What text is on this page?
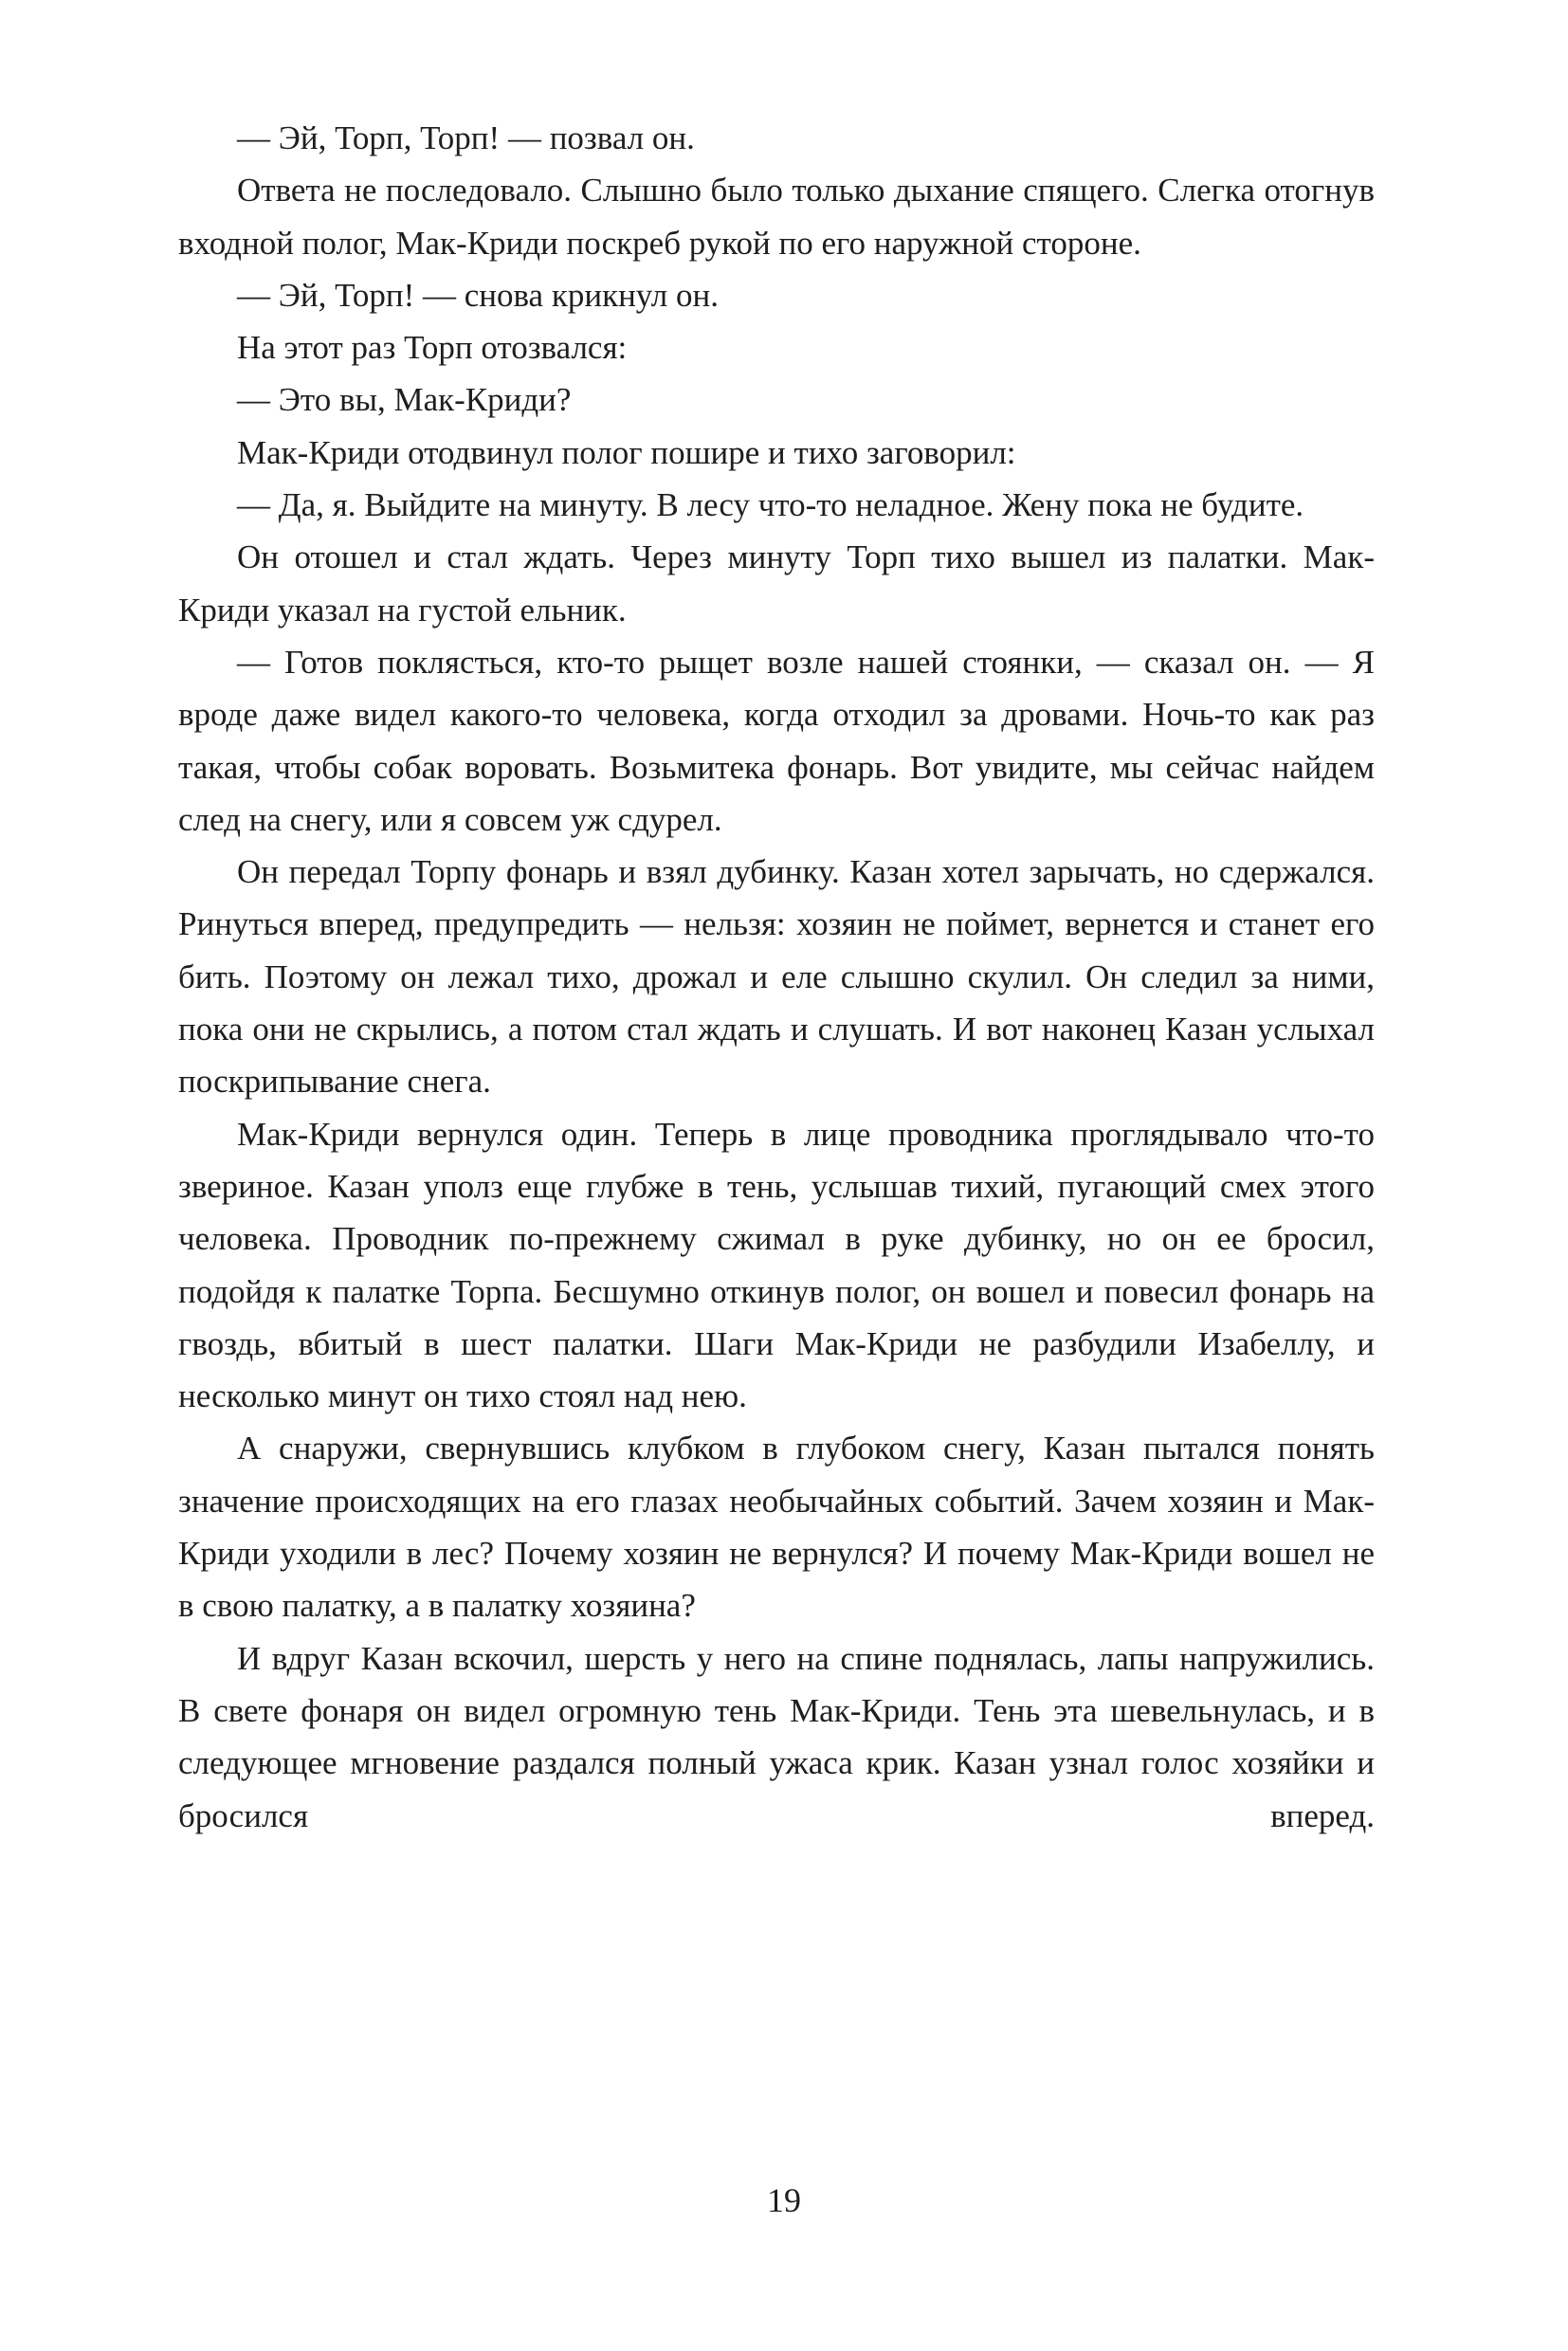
— Эй, Торп, Торп! — позвал он.

Ответа не последовало. Слышно было только дыхание спящего. Слегка отогнув входной полог, Мак-Криди поскреб рукой по его наружной стороне.

— Эй, Торп! — снова крикнул он.

На этот раз Торп отозвался:

— Это вы, Мак-Криди?

Мак-Криди отодвинул полог пошире и тихо заговорил:

— Да, я. Выйдите на минуту. В лесу что-то неладное. Жену пока не будите.

Он отошел и стал ждать. Через минуту Торп тихо вышел из палатки. Мак-Криди указал на густой ельник.

— Готов поклясться, кто-то рыщет возле нашей стоянки, — сказал он. — Я вроде даже видел какого-то человека, когда отходил за дровами. Ночь-то как раз такая, чтобы собак воровать. Возьмитека фонарь. Вот увидите, мы сейчас найдем след на снегу, или я совсем уж сдурел.

Он передал Торпу фонарь и взял дубинку. Казан хотел зарычать, но сдержался. Ринуться вперед, предупредить — нельзя: хозяин не поймет, вернется и станет его бить. Поэтому он лежал тихо, дрожал и еле слышно скулил. Он следил за ними, пока они не скрылись, а потом стал ждать и слушать. И вот наконец Казан услыхал поскрипывание снега.

Мак-Криди вернулся один. Теперь в лице проводника проглядывало что-то звериное. Казан уполз еще глубже в тень, услышав тихий, пугающий смех этого человека. Проводник по-прежнему сжимал в руке дубинку, но он ее бросил, подойдя к палатке Торпа. Бесшумно откинув полог, он вошел и повесил фонарь на гвоздь, вбитый в шест палатки. Шаги Мак-Криди не разбудили Изабеллу, и несколько минут он тихо стоял над нею.

А снаружи, свернувшись клубком в глубоком снегу, Казан пытался понять значение происходящих на его глазах необычайных событий. Зачем хозяин и Мак-Криди уходили в лес? Почему хозяин не вернулся? И почему Мак-Криди вошел не в свою палатку, а в палатку хозяина?

И вдруг Казан вскочил, шерсть у него на спине поднялась, лапы напружились. В свете фонаря он видел огромную тень Мак-Криди. Тень эта шевельнулась, и в следующее мгновение раздался полный ужаса крик. Казан узнал голос хозяйки и бросился вперед.

19
